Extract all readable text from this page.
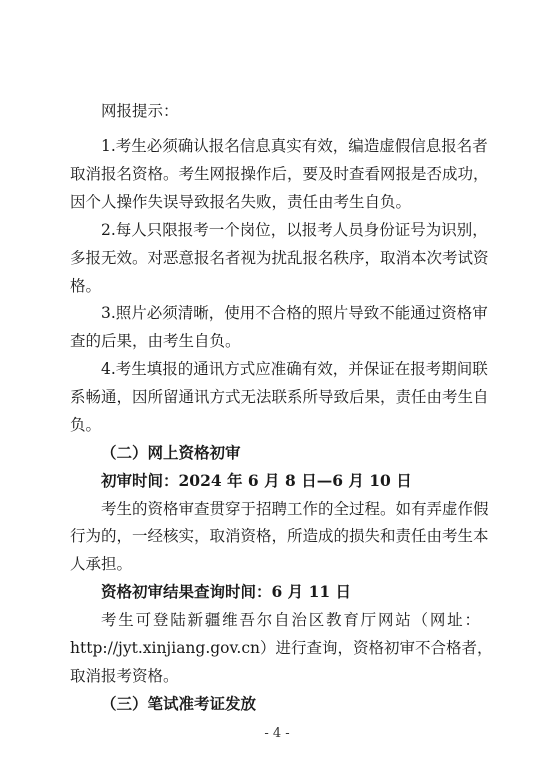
网报提示：
1.考生必须确认报名信息真实有效，编造虚假信息报名者
取消报名资格。考生网报操作后，要及时查看网报是否成功，
因个人操作失误导致报名失败，责任由考生自负。
2.每人只限报考一个岗位，以报考人员身份证号为识别，
多报无效。对恶意报名者视为扰乱报名秩序，取消本次考试资
格。
3.照片必须清晰，使用不合格的照片导致不能通过资格审
查的后果，由考生自负。
4.考生填报的通讯方式应准确有效，并保证在报考期间联
系畅通，因所留通讯方式无法联系所导致后果，责任由考生自
负。
（二）网上资格初审
初审时间：2024 年 6 月 8 日—6 月 10 日
考生的资格审查贯穿于招聘工作的全过程。如有弄虚作假
行为的，一经核实，取消资格，所造成的损失和责任由考生本
人承担。
资格初审结果查询时间：6 月 11 日
考生可登陆新疆维吾尔自治区教育厅网站（网址：
http://jyt.xinjiang.gov.cn）进行查询，资格初审不合格者，
取消报考资格。
（三）笔试准考证发放
- 4 -
